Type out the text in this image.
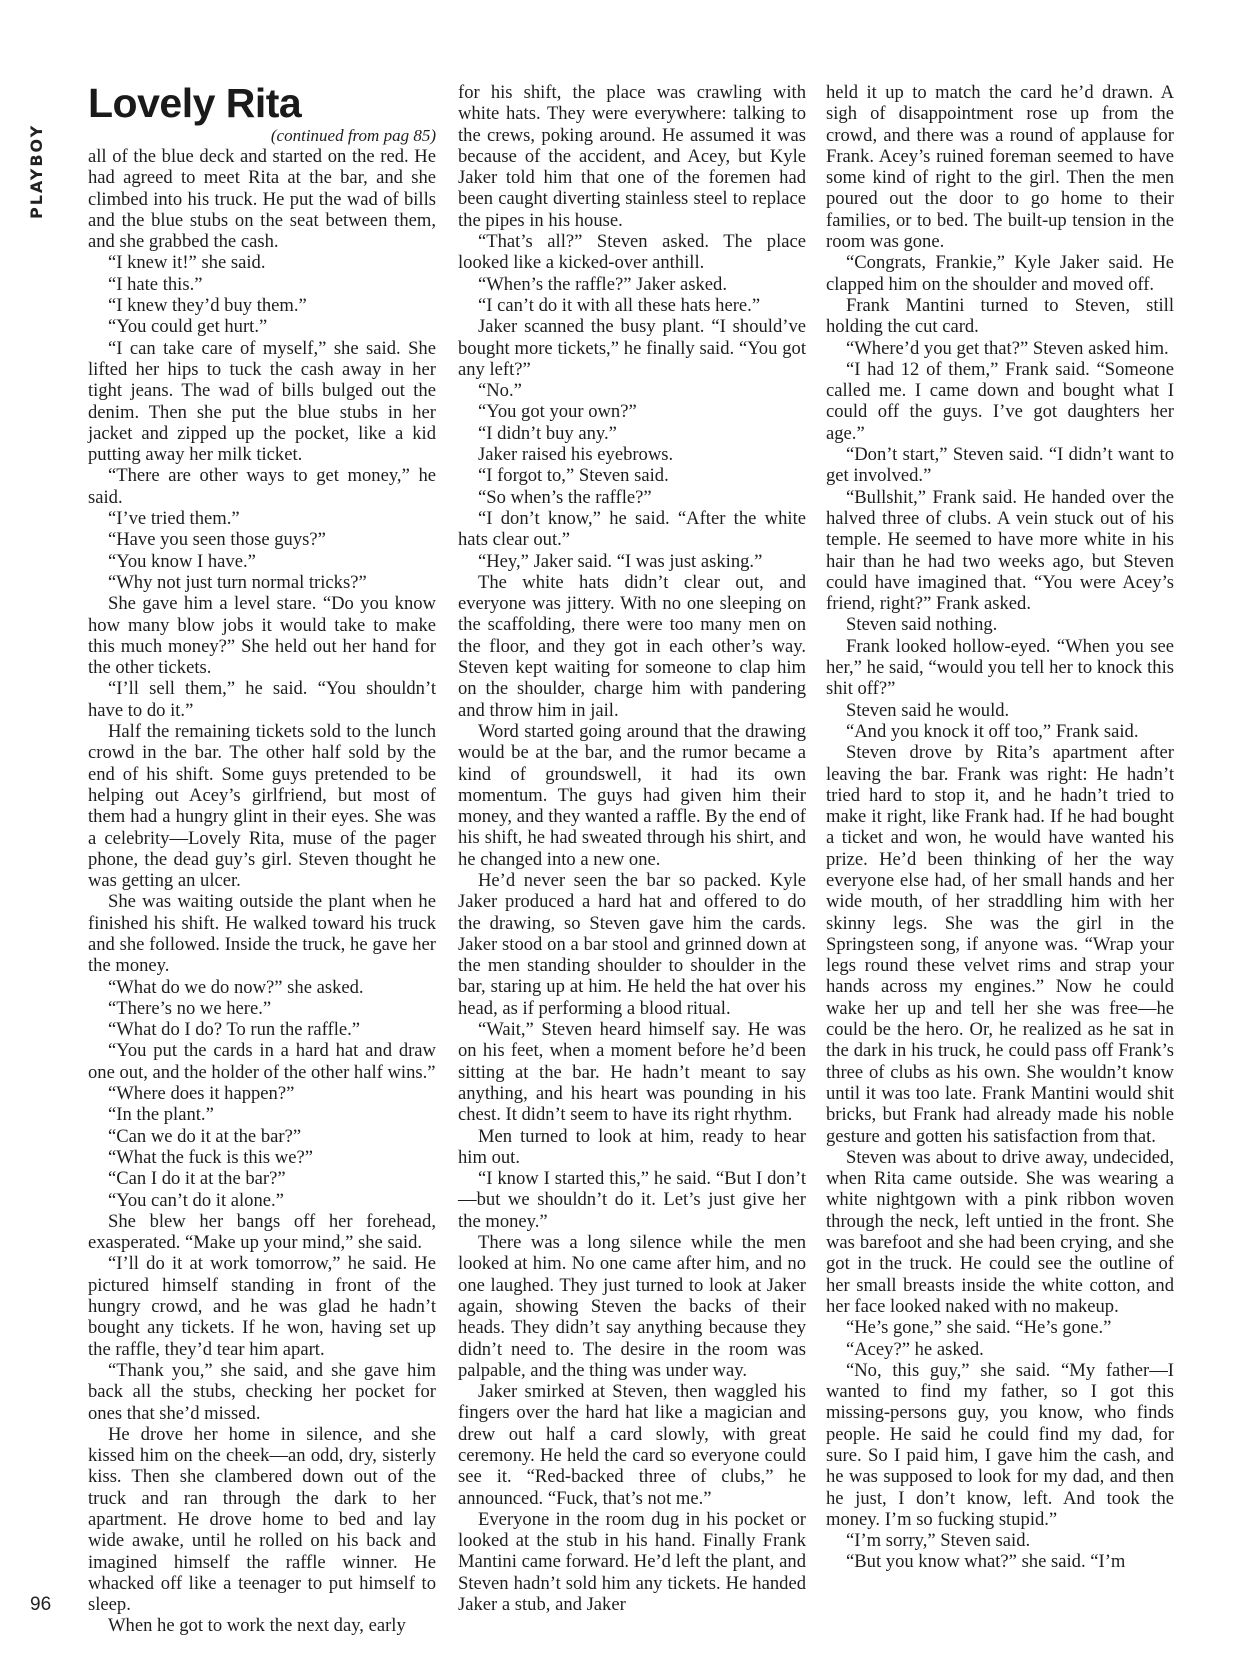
PLAYBOY
Lovely Rita

(continued from pag 85)

all of the blue deck and started on the red. He had agreed to meet Rita at the bar, and she climbed into his truck. He put the wad of bills and the blue stubs on the seat between them, and she grabbed the cash.

“I knew it!” she said.

“I hate this.”

“I knew they’d buy them.”

“You could get hurt.”

“I can take care of myself,” she said. She lifted her hips to tuck the cash away in her tight jeans. The wad of bills bulged out the denim. Then she put the blue stubs in her jacket and zipped up the pocket, like a kid putting away her milk ticket.

“There are other ways to get money,” he said.

“I’ve tried them.”

“Have you seen those guys?”

“You know I have.”

“Why not just turn normal tricks?”

She gave him a level stare. “Do you know how many blow jobs it would take to make this much money?” She held out her hand for the other tickets.

“I’ll sell them,” he said. “You shouldn’t have to do it.”

Half the remaining tickets sold to the lunch crowd in the bar. The other half sold by the end of his shift. Some guys pretended to be helping out Acey’s girlfriend, but most of them had a hungry glint in their eyes. She was a celebrity—Lovely Rita, muse of the pager phone, the dead guy’s girl. Steven thought he was getting an ulcer.

She was waiting outside the plant when he finished his shift. He walked toward his truck and she followed. Inside the truck, he gave her the money.

“What do we do now?” she asked.

“There’s no we here.”

“What do I do? To run the raffle.”

“You put the cards in a hard hat and draw one out, and the holder of the other half wins.”

“Where does it happen?”

“In the plant.”

“Can we do it at the bar?”

“What the fuck is this we?”

“Can I do it at the bar?”

“You can’t do it alone.”

She blew her bangs off her forehead, exasperated. “Make up your mind,” she said.

“I’ll do it at work tomorrow,” he said. He pictured himself standing in front of the hungry crowd, and he was glad he hadn’t bought any tickets. If he won, having set up the raffle, they’d tear him apart.

“Thank you,” she said, and she gave him back all the stubs, checking her pocket for ones that she’d missed.

He drove her home in silence, and she kissed him on the cheek—an odd, dry, sisterly kiss. Then she clambered down out of the truck and ran through the dark to her apartment. He drove home to bed and lay wide awake, until he rolled on his back and imagined himself the raffle winner. He whacked off like a teenager to put himself to sleep.

When he got to work the next day, early

for his shift, the place was crawling with white hats. They were everywhere: talking to the crews, poking around. He assumed it was because of the accident, and Acey, but Kyle Jaker told him that one of the foremen had been caught diverting stainless steel to replace the pipes in his house.

“That’s all?” Steven asked. The place looked like a kicked-over anthill.

“When’s the raffle?” Jaker asked.

“I can’t do it with all these hats here.”

Jaker scanned the busy plant. “I should’ve bought more tickets,” he finally said. “You got any left?”

“No.”

“You got your own?”

“I didn’t buy any.”

Jaker raised his eyebrows.

“I forgot to,” Steven said.

“So when’s the raffle?”

“I don’t know,” he said. “After the white hats clear out.”

“Hey,” Jaker said. “I was just asking.”

The white hats didn’t clear out, and everyone was jittery. With no one sleeping on the scaffolding, there were too many men on the floor, and they got in each other’s way. Steven kept waiting for someone to clap him on the shoulder, charge him with pandering and throw him in jail.

Word started going around that the drawing would be at the bar, and the rumor became a kind of groundswell, it had its own momentum. The guys had given him their money, and they wanted a raffle. By the end of his shift, he had sweated through his shirt, and he changed into a new one.

He’d never seen the bar so packed. Kyle Jaker produced a hard hat and offered to do the drawing, so Steven gave him the cards. Jaker stood on a bar stool and grinned down at the men standing shoulder to shoulder in the bar, staring up at him. He held the hat over his head, as if performing a blood ritual.

“Wait,” Steven heard himself say. He was on his feet, when a moment before he’d been sitting at the bar. He hadn’t meant to say anything, and his heart was pounding in his chest. It didn’t seem to have its right rhythm.

Men turned to look at him, ready to hear him out.

“I know I started this,” he said. “But I don’t—but we shouldn’t do it. Let’s just give her the money.”

There was a long silence while the men looked at him. No one came after him, and no one laughed. They just turned to look at Jaker again, showing Steven the backs of their heads. They didn’t say anything because they didn’t need to. The desire in the room was palpable, and the thing was under way.

Jaker smirked at Steven, then waggled his fingers over the hard hat like a magician and drew out half a card slowly, with great ceremony. He held the card so everyone could see it. “Red-backed three of clubs,” he announced. “Fuck, that’s not me.”

Everyone in the room dug in his pocket or looked at the stub in his hand. Finally Frank Mantini came forward. He’d left the plant, and Steven hadn’t sold him any tickets. He handed Jaker a stub, and Jaker

held it up to match the card he’d drawn. A sigh of disappointment rose up from the crowd, and there was a round of applause for Frank. Acey’s ruined foreman seemed to have some kind of right to the girl. Then the men poured out the door to go home to their families, or to bed. The built-up tension in the room was gone.

“Congrats, Frankie,” Kyle Jaker said. He clapped him on the shoulder and moved off.

Frank Mantini turned to Steven, still holding the cut card.

“Where’d you get that?” Steven asked him.

“I had 12 of them,” Frank said. “Someone called me. I came down and bought what I could off the guys. I’ve got daughters her age.”

“Don’t start,” Steven said. “I didn’t want to get involved.”

“Bullshit,” Frank said. He handed over the halved three of clubs. A vein stuck out of his temple. He seemed to have more white in his hair than he had two weeks ago, but Steven could have imagined that. “You were Acey’s friend, right?” Frank asked.

Steven said nothing.

Frank looked hollow-eyed. “When you see her,” he said, “would you tell her to knock this shit off?”

Steven said he would.

“And you knock it off too,” Frank said.

Steven drove by Rita’s apartment after leaving the bar. Frank was right: He hadn’t tried hard to stop it, and he hadn’t tried to make it right, like Frank had. If he had bought a ticket and won, he would have wanted his prize. He’d been thinking of her the way everyone else had, of her small hands and her wide mouth, of her straddling him with her skinny legs. She was the girl in the Springsteen song, if anyone was. “Wrap your legs round these velvet rims and strap your hands across my engines.” Now he could wake her up and tell her she was free—he could be the hero. Or, he realized as he sat in the dark in his truck, he could pass off Frank’s three of clubs as his own. She wouldn’t know until it was too late. Frank Mantini would shit bricks, but Frank had already made his noble gesture and gotten his satisfaction from that.

Steven was about to drive away, undecided, when Rita came outside. She was wearing a white nightgown with a pink ribbon woven through the neck, left untied in the front. She was barefoot and she had been crying, and she got in the truck. He could see the outline of her small breasts inside the white cotton, and her face looked naked with no makeup.

“He’s gone,” she said. “He’s gone.”

“Acey?” he asked.

“No, this guy,” she said. “My father—I wanted to find my father, so I got this missing-persons guy, you know, who finds people. He said he could find my dad, for sure. So I paid him, I gave him the cash, and he was supposed to look for my dad, and then he just, I don’t know, left. And took the money. I’m so fucking stupid.”

“I’m sorry,” Steven said.

“But you know what?” she said. “I’m

96
